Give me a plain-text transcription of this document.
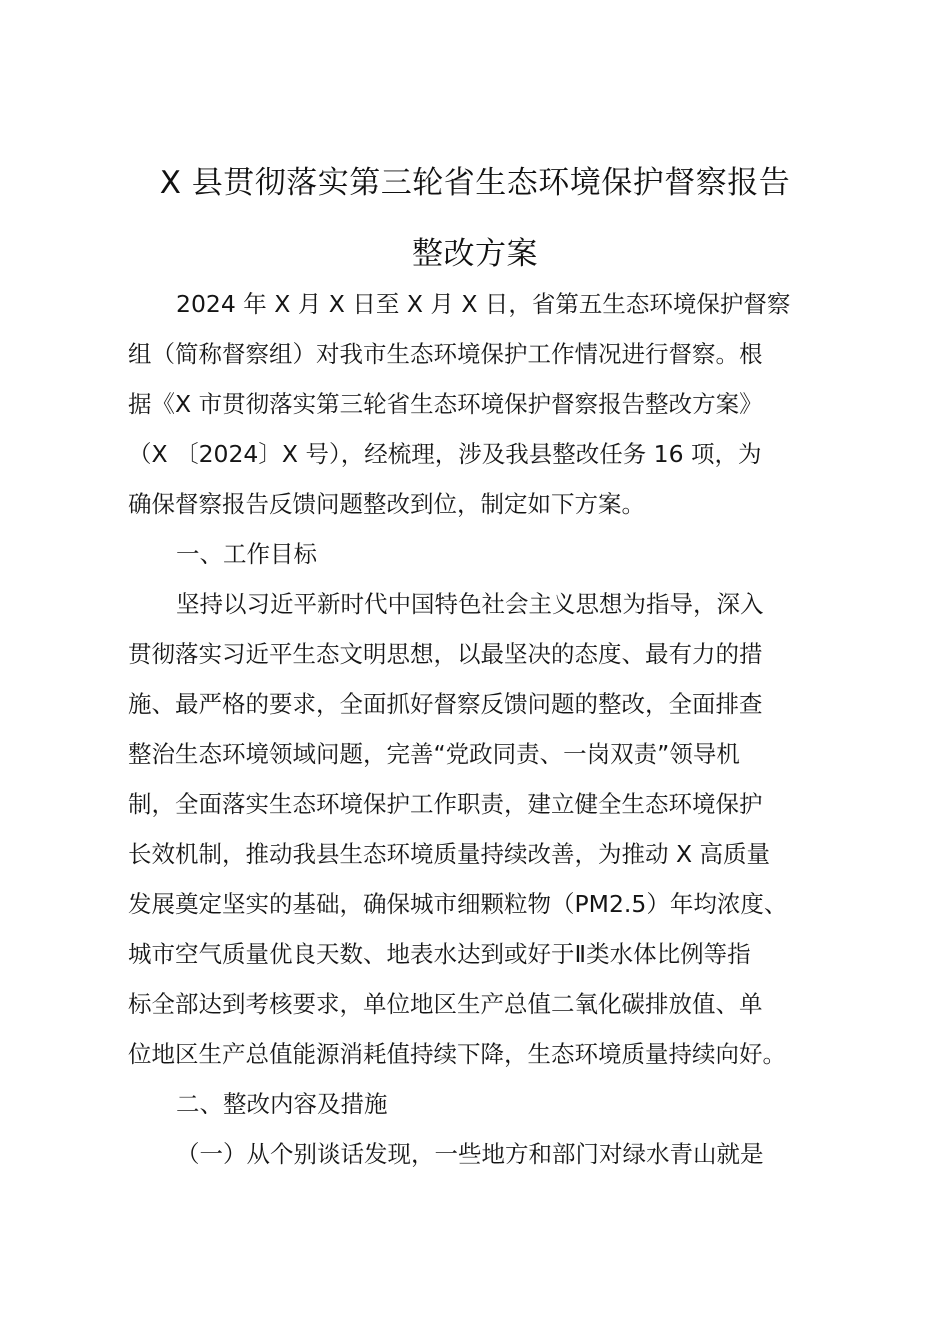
X 县贯彻落实第三轮省生态环境保护督察报告
整改方案
2024 年 X 月 X 日至 X 月 X 日，省第五生态环境保护督察
组（简称督察组）对我市生态环境保护工作情况进行督察。根
据《X 市贯彻落实第三轮省生态环境保护督察报告整改方案》
（X 〔2024〕X 号），经梳理，涉及我县整改任务 16 项，为
确保督察报告反馈问题整改到位，制定如下方案。
一、工作目标
坚持以习近平新时代中国特色社会主义思想为指导，深入
贯彻落实习近平生态文明思想，以最坚决的态度、最有力的措
施、最严格的要求，全面抓好督察反馈问题的整改，全面排查
整治生态环境领域问题，完善“党政同责、一岗双责”领导机
制，全面落实生态环境保护工作职责，建立健全生态环境保护
长效机制，推动我县生态环境质量持续改善，为推动 X 高质量
发展奠定坚实的基础，确保城市细颗粒物（PM2.5）年均浓度、
城市空气质量优良天数、地表水达到或好于Ⅱ类水体比例等指
标全部达到考核要求，单位地区生产总值二氧化碳排放值、单
位地区生产总值能源消耗值持续下降，生态环境质量持续向好。
二、整改内容及措施
（一）从个别谈话发现，一些地方和部门对绿水青山就是
